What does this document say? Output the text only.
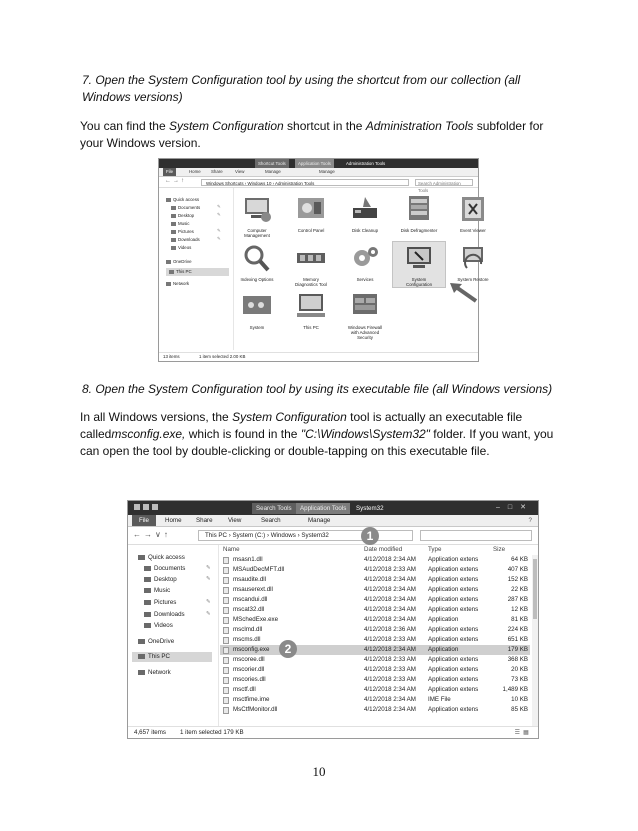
7. Open the System Configuration tool by using the shortcut from our collection (all Windows versions)
You can find the System Configuration shortcut in the Administration Tools subfolder for your Windows version.
Shortcut Tools	Application Tools	Administration Tools
File	Home Share	View	Manage	Manage
←→↑	Windows Shortcuts › Windows 10 › Administration Tools	Search Administration Tools
Quick access
Documents
Desktop
Music
Pictures
Downloads
Videos
OneDrive
This PC
Network
✎
✎
✎
✎
Computer
Management
Control Panel	Disk Cleanup	Disk Defragmenter	Event Viewer
Indexing Options	Memory
Diagnostics Tool
Services	System
Configuration
System Restore
System	This PC	Windows Firewall
with Advanced
Security
13 items	1 item selected 2.00 KB
8. Open the System Configuration tool by using its executable file (all Windows versions)
In all Windows versions, the System Configuration tool is actually an executable file calledmsconfig.exe, which is found in the "C:\Windows\System32" folder. If you want, you can open the tool by double-clicking or double-tapping on this executable file.
Search Tools	Application Tools	System32	–□✕
File	Home Share View	Search	Manage	?
←→∨↑	This PC › System (C:) › Windows › System32
Quick access
Documents
Desktop
Music
Pictures
Downloads
Videos
OneDrive
This PC
Network
✎
✎
✎
✎
Name	Date modified	Type	Size
msasn1.dll	4/12/2018 2:34 AM Application extens	64 KB
MSAudDecMFT.dll	4/12/2018 2:33 AM Application extens	407 KB
msaudite.dll	4/12/2018 2:34 AM Application extens	152 KB
msauserext.dll	4/12/2018 2:34 AM Application extens	22 KB
mscandui.dll	4/12/2018 2:34 AM Application extens	287 KB
mscat32.dll	4/12/2018 2:34 AM Application extens	12 KB
MSchedExe.exe	4/12/2018 2:34 AM Application	81 KB
msclmd.dll	4/12/2018 2:36 AM Application extens	224 KB
mscms.dll	4/12/2018 2:33 AM Application extens	651 KB
msconfig.exe	4/12/2018 2:34 AM Application	179 KB
mscoree.dll	4/12/2018 2:33 AM Application extens	368 KB
mscorier.dll	4/12/2018 2:33 AM Application extens	20 KB
mscories.dll	4/12/2018 2:33 AM Application extens	73 KB
msctf.dll	4/12/2018 2:34 AM Application extens	1,489 KB
msctfime.ime	4/12/2018 2:34 AM IME File	10 KB
MsCtfMonitor.dll	4/12/2018 2:34 AM Application extens	85 KB
1
2
4,657 items 1 item selected 179 KB	☰▦
10
